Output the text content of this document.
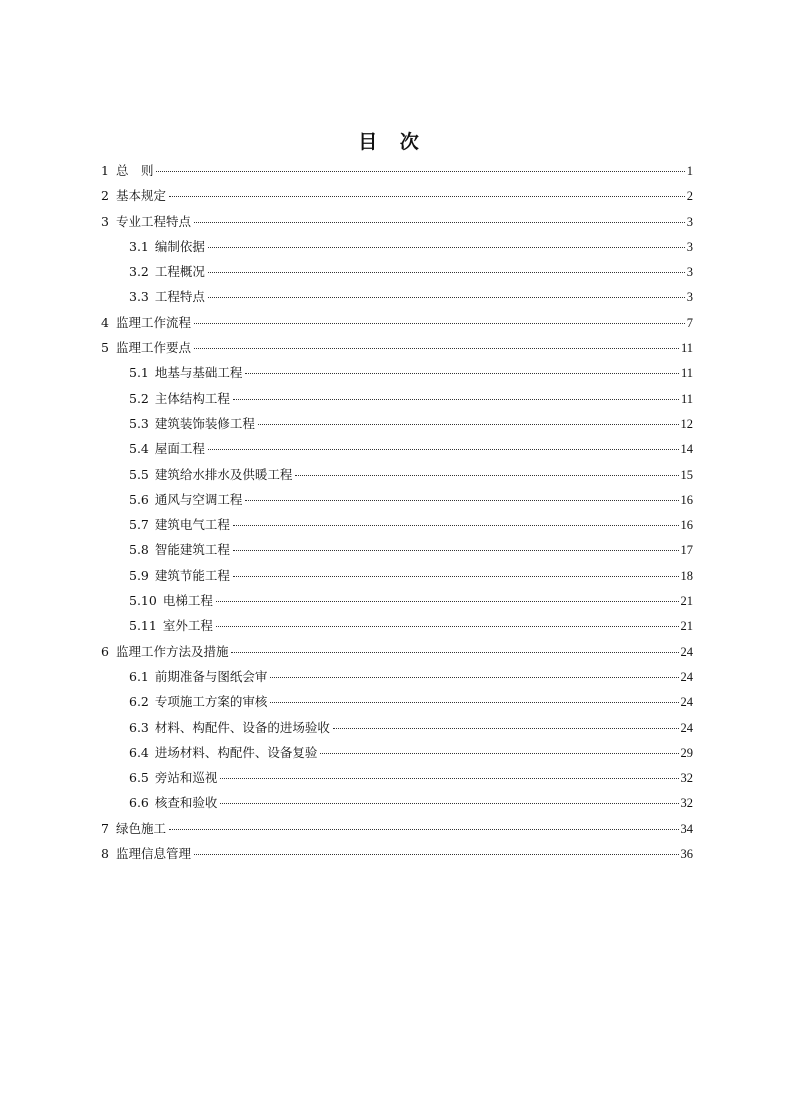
目 次
1 总　则	1
2 基本规定	2
3 专业工程特点	3
3.1 编制依据	3
3.2 工程概况	3
3.3 工程特点	3
4 监理工作流程	7
5 监理工作要点	11
5.1 地基与基础工程	11
5.2 主体结构工程	11
5.3 建筑装饰装修工程	12
5.4 屋面工程	14
5.5 建筑给水排水及供暖工程	15
5.6 通风与空调工程	16
5.7 建筑电气工程	16
5.8 智能建筑工程	17
5.9 建筑节能工程	18
5.10 电梯工程	21
5.11 室外工程	21
6 监理工作方法及措施	24
6.1 前期准备与图纸会审	24
6.2 专项施工方案的审核	24
6.3 材料、构配件、设备的进场验收	24
6.4 进场材料、构配件、设备复验	29
6.5 旁站和巡视	32
6.6 核查和验收	32
7 绿色施工	34
8 监理信息管理	36
